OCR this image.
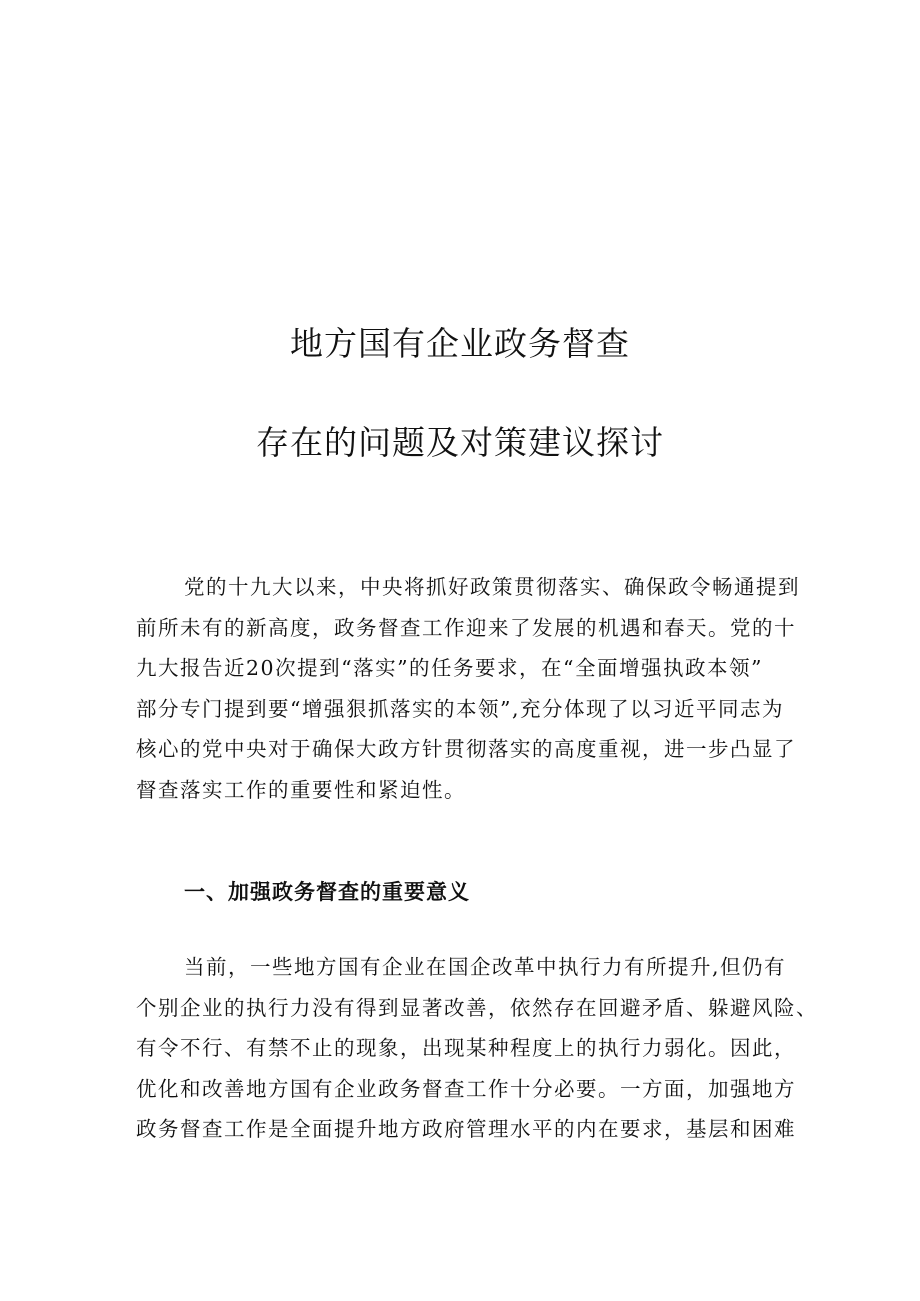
地方国有企业政务督查
存在的问题及对策建议探讨

党的十九大以来，中央将抓好政策贯彻落实、确保政令畅通提到
前所未有的新高度，政务督查工作迎来了发展的机遇和春天。党的十
九大报告近20次提到“落实”的任务要求，在“全面增强执政本领”
部分专门提到要“增强狠抓落实的本领”,充分体现了以习近平同志为
核心的党中央对于确保大政方针贯彻落实的高度重视，进一步凸显了
督查落实工作的重要性和紧迫性。

一、加强政务督查的重要意义

当前，一些地方国有企业在国企改革中执行力有所提升,但仍有
个别企业的执行力没有得到显著改善，依然存在回避矛盾、躲避风险、
有令不行、有禁不止的现象，出现某种程度上的执行力弱化。因此，
优化和改善地方国有企业政务督查工作十分必要。一方面，加强地方
政务督查工作是全面提升地方政府管理水平的内在要求，基层和困难
